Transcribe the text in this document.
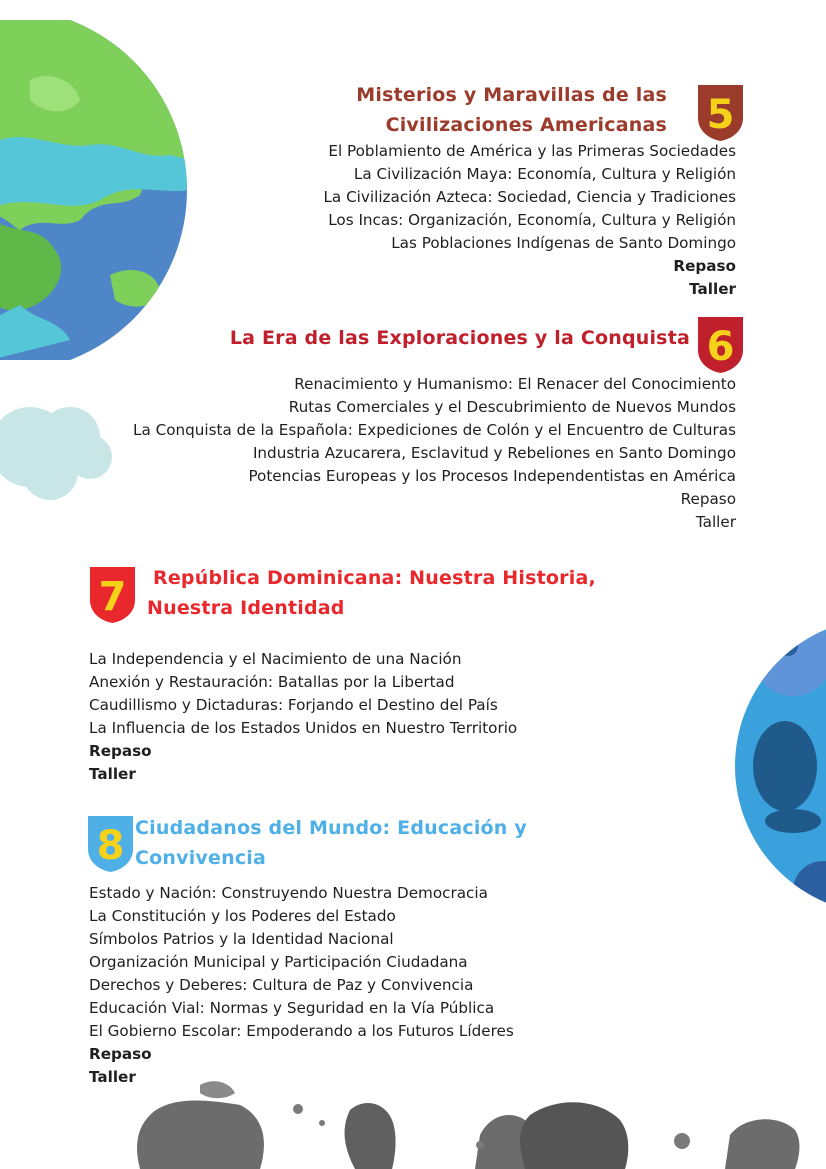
Misterios y Maravillas de las
Civilizaciones Americanas 5
El Poblamiento de América y las Primeras Sociedades
La Civilización Maya: Economía, Cultura y Religión
La Civilización Azteca: Sociedad, Ciencia y Tradiciones
Los Incas: Organización, Economía, Cultura y Religión
Las Poblaciones Indígenas de Santo Domingo
Repaso
Taller
La Era de las Exploraciones y la Conquista 6
Renacimiento y Humanismo: El Renacer del Conocimiento
Rutas Comerciales y el Descubrimiento de Nuevos Mundos
La Conquista de la Española: Expediciones de Colón y el Encuentro de Culturas
Industria Azucarera, Esclavitud y Rebeliones en Santo Domingo
Potencias Europeas y los Procesos Independentistas en América
Repaso
Taller
7	República Dominicana: Nuestra Historia,
Nuestra Identidad
La Independencia y el Nacimiento de una Nación
Anexión y Restauración: Batallas por la Libertad
Caudillismo y Dictaduras: Forjando el Destino del País
La Influencia de los Estados Unidos en Nuestro Territorio
Repaso
Taller
8 Ciudadanos del Mundo: Educación y
Convivencia
Estado y Nación: Construyendo Nuestra Democracia
La Constitución y los Poderes del Estado
Símbolos Patrios y la Identidad Nacional
Organización Municipal y Participación Ciudadana
Derechos y Deberes: Cultura de Paz y Convivencia
Educación Vial: Normas y Seguridad en la Vía Pública
El Gobierno Escolar: Empoderando a los Futuros Líderes
Repaso
Taller
